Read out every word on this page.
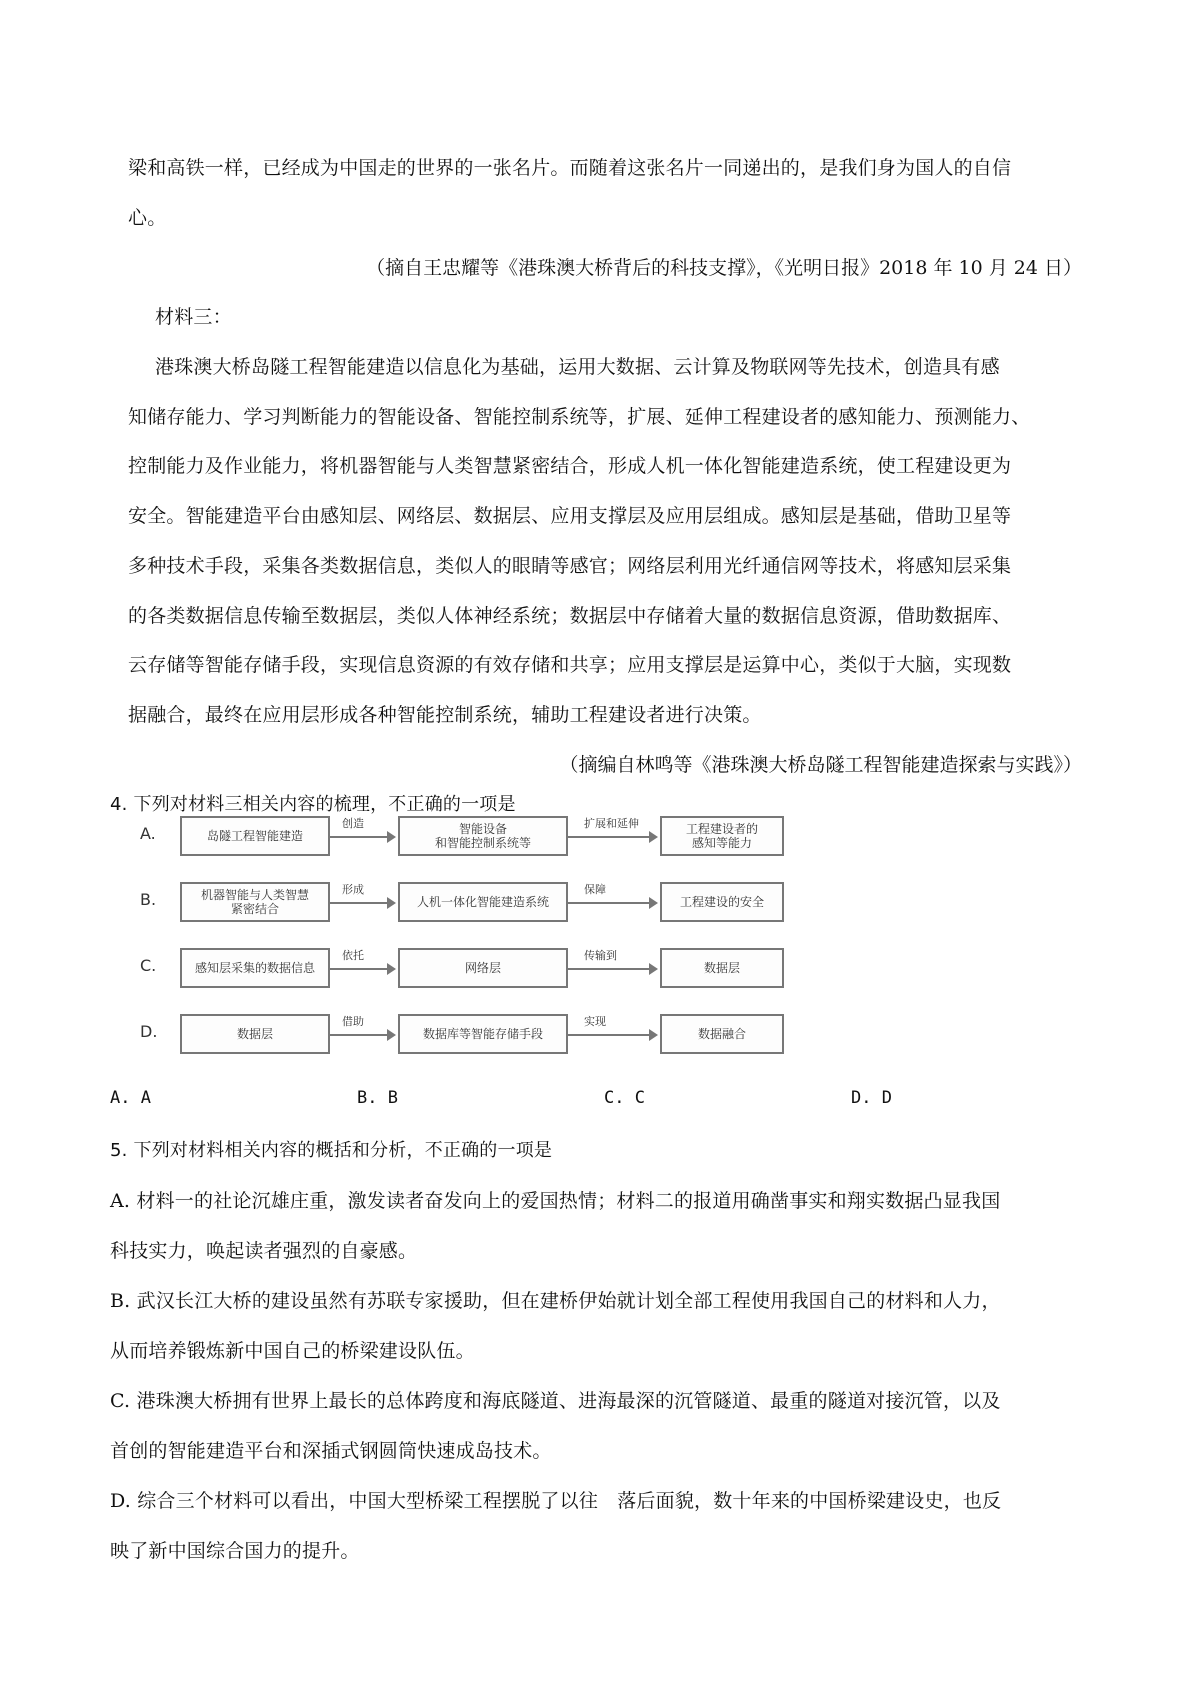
梁和高铁一样，已经成为中国走的世界的一张名片。而随着这张名片一同递出的，是我们身为国人的自信
心。
（摘自王忠耀等《港珠澳大桥背后的科技支撑》，《光明日报》2018 年 10 月 24 日）
材料三：
港珠澳大桥岛隧工程智能建造以信息化为基础，运用大数据、云计算及物联网等先技术，创造具有感
知储存能力、学习判断能力的智能设备、智能控制系统等，扩展、延伸工程建设者的感知能力、预测能力、
控制能力及作业能力，将机器智能与人类智慧紧密结合，形成人机一体化智能建造系统，使工程建设更为
安全。智能建造平台由感知层、网络层、数据层、应用支撑层及应用层组成。感知层是基础，借助卫星等
多种技术手段，采集各类数据信息，类似人的眼睛等感官；网络层利用光纤通信网等技术，将感知层采集
的各类数据信息传输至数据层，类似人体神经系统；数据层中存储着大量的数据信息资源，借助数据库、
云存储等智能存储手段，实现信息资源的有效存储和共享；应用支撑层是运算中心，类似于大脑，实现数
据融合，最终在应用层形成各种智能控制系统，辅助工程建设者进行决策。
（摘编自林鸣等《港珠澳大桥岛隧工程智能建造探索与实践》）
4. 下列对材料三相关内容的梳理，不正确的一项是
A.	岛隧工程智能建造
创造	智能设备
和智能控制系统等
扩展和延伸	工程建设者的
感知等能力
B.	机器智能与人类智慧
紧密结合
形成
人机一体化智能建造系统
保障
工程建设的安全
C.	感知层采集的数据信息
依托
网络层
传输到
数据层
D.	数据层
借助
数据库等智能存储手段
实现
数据融合
A. A	B. B	C. C	D. D
5. 下列对材料相关内容的概括和分析，不正确的一项是
A. 材料一的社论沉雄庄重，激发读者奋发向上的爱国热情；材料二的报道用确凿事实和翔实数据凸显我国
科技实力，唤起读者强烈的自豪感。
B. 武汉长江大桥的建设虽然有苏联专家援助，但在建桥伊始就计划全部工程使用我国自己的材料和人力，
从而培养锻炼新中国自己的桥梁建设队伍。
C. 港珠澳大桥拥有世界上最长的总体跨度和海底隧道、进海最深的沉管隧道、最重的隧道对接沉管，以及
首创的智能建造平台和深插式钢圆筒快速成岛技术。
D. 综合三个材料可以看出，中国大型桥梁工程摆脱了以往　落后面貌，数十年来的中国桥梁建设史，也反
映了新中国综合国力的提升。
